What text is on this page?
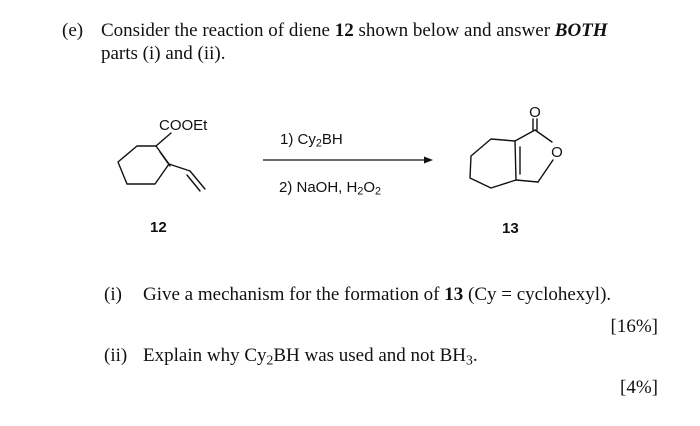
(e) Consider the reaction of diene 12 shown below and answer BOTH
parts (i) and (ii).
COOEt
O
O
1) $Cy_2BH$
2) NaOH, $H_2O_2$
12	13
(i) Give a mechanism for the formation of 13 (Cy = cyclohexyl).
[16%]
(ii) Explain why $Cy_2BH$ was used and not $BH_3$.
[4%]
